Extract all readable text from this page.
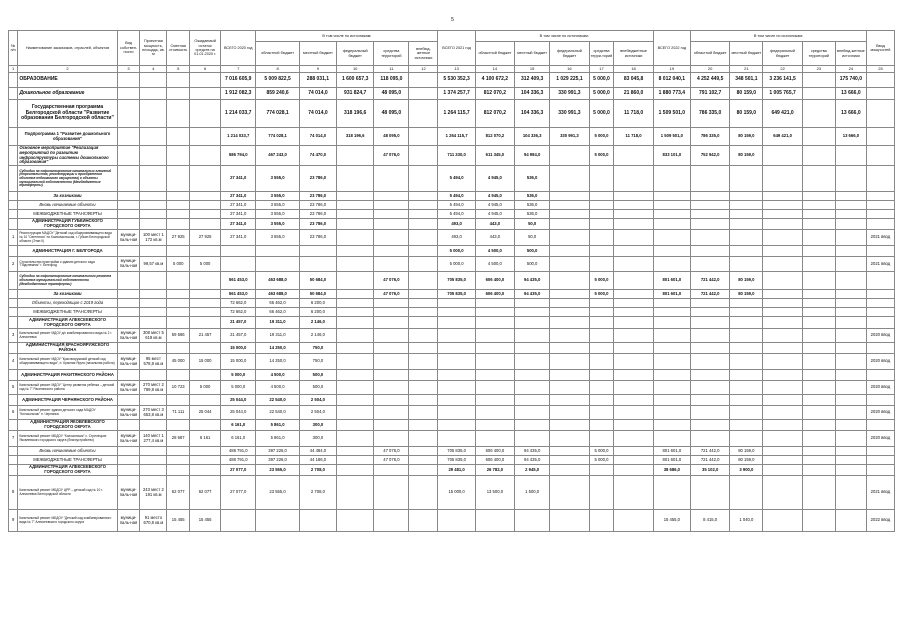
5
№ п/п	Наименование заказчиков, отраслей, объектов	Вид собствен-ности	Проектная мощность, площадь, кв. м	Сметная стоимость	Ожидаемый остаток средств на 01.01.2020 г.	ВСЕГО 2020 год	В том числе по источникам:					ВСЕГО 2021 год	В том числе по источникам:					ВСЕГО 2022 год	В том числе по источникам:					Ввод мощностей
							областной бюджет	местный бюджет	федеральный бюджет	средства территорий	внебюд-жетные источники		областной бюджет	местный бюджет	федеральный бюджет	средства терри-торий	внебюджетные источники		областной бюджет	местный бюджет	федеральный бюджет	средства территорий	внебюд-жетные источники	
1	2	3	4	5	6	7	8	9	10	11	12	13	14	15	16	17	18	19	20	21	22	23	24	25
	ОБРАЗОВАНИЕ					7 016 605,9	5 009 822,5	288 031,1	1 600 657,3	118 095,0		5 530 352,3	4 100 672,2	312 409,3	1 029 225,1	5 000,0	83 045,8	8 012 040,1	4 252 449,5	348 501,1	3 236 141,5		175 740,0	
	Дошкольное образование					1 912 082,3	859 240,6	74 014,0	931 824,7	48 095,0		1 374 257,7	812 070,2	104 336,3	330 991,3	5 000,0	21 860,0	1 880 773,4	791 102,7	80 159,0	1 005 765,7		13 666,0	
	Государственная программа Белгородской области "Развитие образования Белгородской области"					1 214 033,7	774 028,1	74 014,0	318 196,6	48 095,0		1 264 115,7	812 070,2	104 336,3	330 991,3	5 000,0	11 718,0	1 509 501,0	786 335,0	80 159,0	649 421,0		13 666,0	
	Подпрограмма 1 "Развитие дошкольного образования"					1 214 033,7	774 028,1	74 014,0	318 196,6	48 095,0		1 264 115,7	812 070,2	104 336,3	330 991,3	5 000,0	11 718,0	1 509 501,0	786 335,0	80 159,0	649 421,0		13 666,0	
	Основное мероприятие "Реализация мероприятий по развитию инфраструктуры системы дошкольного образования"					586 794,0	467 243,0	74 470,0		47 076,0		711 330,0	611 345,0	94 984,0		5 000,0		833 101,0	752 942,0	80 159,0				
	Субсидии на софинансирование капитальных вложений (строительства, реконструкции и приобретения объектов недвижимого имущества) в объекты муниципальной собственности (Межбюджетные трансферты)					27 341,0	3 555,0	23 786,0				5 494,0	4 945,0	536,0										
	За козниками					27 341,0	3 555,0	23 786,0				5 494,0	4 945,0	536,0										
	Вновь начинаемые объекты					27 341,0	3 555,0	23 786,0				5 494,0	4 945,0	536,0										
	МЕЖБЮДЖЕТНЫЕ ТРАНСФЕРТЫ					27 341,0	3 555,0	23 786,0				5 494,0	4 945,0	536,0										
	АДМИНИСТРАЦИЯ ГУБКИНСКОГО ГОРОДСКОГО ОКРУГА					27 341,0	3 555,0	23 786,0				493,0	443,0	50,0										
1	Реконструкция МАДОУ "Детский сад общеразвивающего вида № 10 "Светлячок" по Комсомольская, г. Губкин Белгородской области (Этап II)	муници-паль-ная	100 мест 1 172 кв.м	27 925	27 925	27 341,0	3 555,0	23 786,0				493,0	443,0	50,0										2021 ввод
	АДМИНИСТРАЦИЯ Г. БЕЛГОРОДА											5 000,0	4 500,0	500,0										
2	Строительство пристройки к зданию детского сада "Подснежник" г. Белгород	муници-паль-ная	99,57 кв.м	5 000	5 000							5 000,0	4 500,0	500,0										2021 ввод
	Субсидии на софинансирование капитального ремонта объектов муниципальной собственности (Межбюджетные трансферты)					561 453,0	463 688,0	50 684,0		47 076,0		705 835,0	606 400,0	94 435,0		5 000,0		801 601,0	721 442,0	80 159,0				
	За козниками					561 453,0	463 688,0	50 684,0		47 076,0		705 835,0	606 400,0	94 435,0		5 000,0		801 601,0	721 442,0	80 159,0				
	Объекты, переходящие с 2019 года					72 662,0	66 462,0	6 200,0																
	МЕЖБЮДЖЕТНЫЕ ТРАНСФЕРТЫ					72 662,0	66 462,0	6 200,0																
	АДМИНИСТРАЦИЯ АЛЕКСЕЕВСКОГО ГОРОДСКОГО ОКРУГА					21 457,0	19 311,0	2 146,0																
3	Капитальный ремонт МДОУ д/с комбинированного вида № 2 г. Алексеевка	муници-паль-ная	308 мест 5 619 кв.м	59 586	21 457	21 457,0	19 311,0	2 146,0																2020 ввод
	АДМИНИСТРАЦИЯ КРАСНОЯРУЖСКОГО РАЙОНА					15 000,0	14 250,0	750,0																
4	Капитальный ремонт МДОУ "Краснояружский детский сад общеразвивающего вида", п. Красная Яруга (начальная работа)	муници-паль-ная	95 мест 578,8 кв.м	45 000	15 000	15 000,0	14 250,0	750,0																2020 ввод
	АДМИНИСТРАЦИЯ РАКИТЯНСКОГО РАЙОНА					5 000,0	4 500,0	500,0																
5	Капитальный ремонт МДОУ "Центр развития ребенка – детский сад № 7" Ракитянского района	муници-паль-ная	270 мест 2 789,8 кв.м	10 723	5 000	5 000,0	4 500,0	500,0																2020 ввод
	АДМИНИСТРАЦИЯ ЧЕРНЯНСКОГО РАЙОНА					25 044,0	22 540,0	2 504,0																
6	Капитальный ремонт здания детского сада МАДОУ "Колокольчик" п. Чернянка	муници-паль-ная	270 мест 3 653,8 кв.м	71 111	25 044	25 044,0	22 540,0	2 504,0																2020 ввод
	АДМИНИСТРАЦИЯ ЯКОВЛЕВСКОГО ГОРОДСКОГО ОКРУГА					6 161,0	5 861,0	300,0																
7	Капитальный ремонт МБДОУ "Колокольчик" с. Стрелецкое Яковлевского городского округа (благоустройство)	муници-паль-ная	140 мест 1 277,4 кв.м	28 687	6 161	6 161,0	5 861,0	300,0																2020 ввод
	Вновь начинаемые объекты					488 791,0	397 226,0	44 484,0		47 076,0		705 835,0	606 400,0	94 435,0		5 000,0		801 601,0	721 442,0	80 159,0				
	МЕЖБЮДЖЕТНЫЕ ТРАНСФЕРТЫ					488 791,0	397 226,0	44 186,0		47 076,0		705 835,0	606 400,0	94 435,0		5 000,0		801 601,0	721 442,0	80 159,0				
	АДМИНИСТРАЦИЯ АЛЕКСЕЕВСКОГО ГОРОДСКОГО ОКРУГА					27 077,0	23 555,0	2 708,0				29 481,0	26 782,0	2 945,0				38 686,0	35 102,0	3 900,0				
8	Капитальный ремонт МБДОУ ЦРР – детский сад № 10 г. Алексеевка Белгородской области	муници-паль-ная	243 мест 2 191 кв.м	62 077	62 077	27 077,0	23 555,0	2 708,0				15 000,0	13 500,0	1 500,0										2021 ввод
9	Капитальный ремонт МБДОУ "Детский сад комбинированного вида № 7" Алексеевского городского округа	муници-паль-ная	91 место 670,8 кв.м	15 455	15 455													15 455,0	8 415,0	1 040,0				2022 ввод
